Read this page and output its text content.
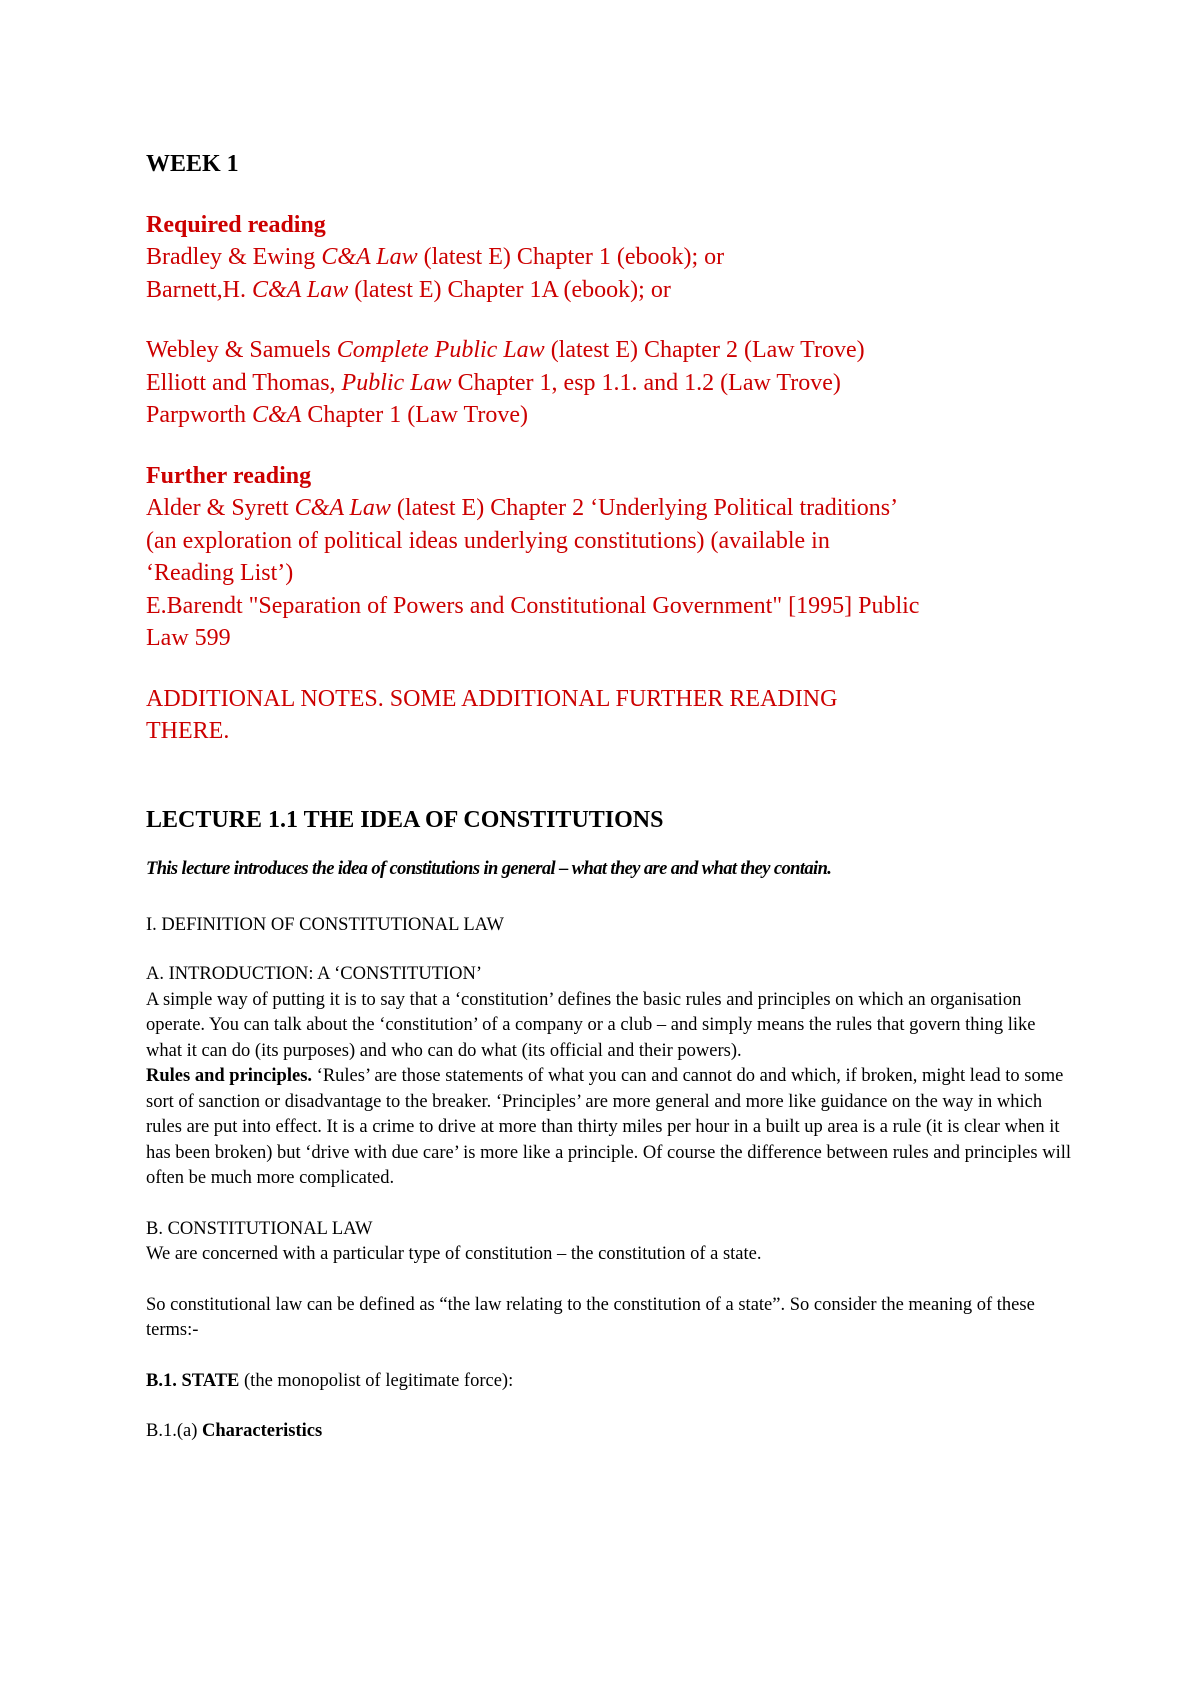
WEEK 1

Required reading

Bradley & Ewing C&A Law (latest E) Chapter 1 (ebook); or

Barnett,H. C&A Law (latest E) Chapter 1A (ebook); or

Webley & Samuels Complete Public Law (latest E) Chapter 2 (Law Trove)

Elliott and Thomas, Public Law Chapter 1, esp 1.1. and 1.2 (Law Trove)

Parpworth C&A Chapter 1 (Law Trove)

Further reading

Alder & Syrett C&A Law (latest E) Chapter 2 ‘Underlying Political traditions’

(an exploration of political ideas underlying constitutions) (available in

‘Reading List’)

E.Barendt "Separation of Powers and Constitutional Government" [1995] Public

Law 599

ADDITIONAL NOTES. SOME ADDITIONAL FURTHER READING

THERE.

LECTURE 1.1 THE IDEA OF CONSTITUTIONS

This lecture introduces the idea of constitutions in general – what they are and what they contain.

I. DEFINITION OF CONSTITUTIONAL LAW

A. INTRODUCTION: A ‘CONSTITUTION’

A simple way of putting it is to say that a ‘constitution’ defines the basic rules and principles on which an organisation operate. You can talk about the ‘constitution’ of a company or a club – and simply means the rules that govern thing like what it can do (its purposes) and who can do what (its official and their powers).

Rules and principles. ‘Rules’ are those statements of what you can and cannot do and which, if broken, might lead to some sort of sanction or disadvantage to the breaker. ‘Principles’ are more general and more like guidance on the way in which rules are put into effect. It is a crime to drive at more than thirty miles per hour in a built up area is a rule (it is clear when it has been broken) but ‘drive with due care’ is more like a principle. Of course the difference between rules and principles will often be much more complicated.

B. CONSTITUTIONAL LAW

We are concerned with a particular type of constitution – the constitution of a state.

So constitutional law can be defined as “the law relating to the constitution of a state”. So consider the meaning of these terms:-

B.1. STATE (the monopolist of legitimate force):

B.1.(a) Characteristics
